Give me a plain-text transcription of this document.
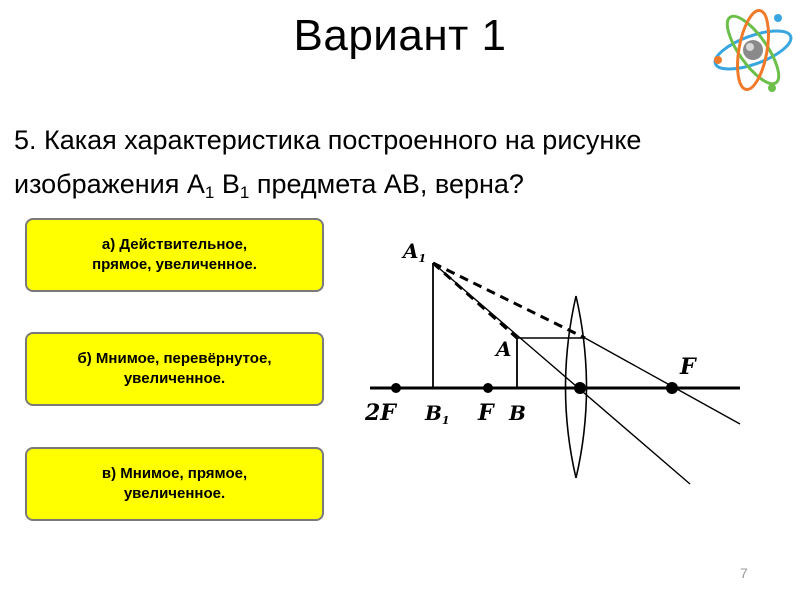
Вариант 1
5. Какая характеристика построенного на рисунке изображения $A_1$ $B_1$ предмета АВ, верна?
а) Действительное,
прямое, увеличенное.
б) Мнимое, перевёрнутое,
увеличенное.
в) Мнимое, прямое,
увеличенное.
$A_1$
A
F
2F $B_1$ F B
7
